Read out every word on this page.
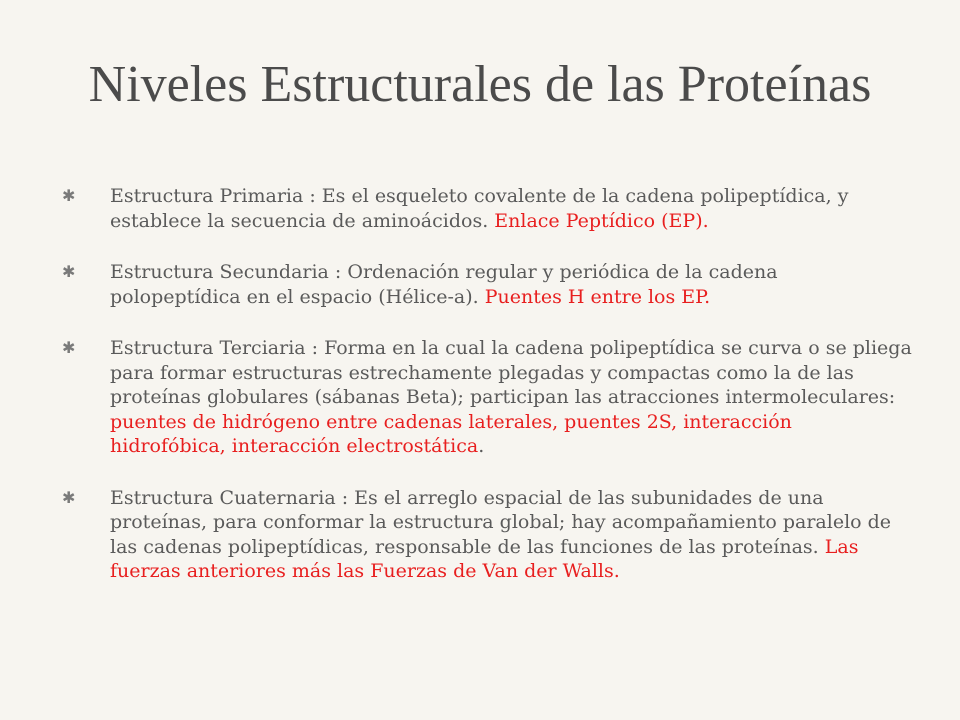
Niveles Estructurales de las Proteínas
✱ Estructura Primaria : Es el esqueleto covalente de la cadena polipeptídica, y establece la secuencia de aminoácidos. Enlace Peptídico (EP).
✱ Estructura Secundaria : Ordenación regular y periódica de la cadena polopeptídica en el espacio (Hélice-a). Puentes H entre los EP.
✱ Estructura Terciaria : Forma en la cual la cadena polipeptídica se curva o se pliega para formar estructuras estrechamente plegadas y compactas como la de las proteínas globulares (sábanas Beta); participan las atracciones intermoleculares: puentes de hidrógeno entre cadenas laterales, puentes 2S, interacción hidrofóbica, interacción electrostática.
✱ Estructura Cuaternaria : Es el arreglo espacial de las subunidades de una proteínas, para conformar la estructura global; hay acompañamiento paralelo de las cadenas polipeptídicas, responsable de las funciones de las proteínas. Las fuerzas anteriores más las Fuerzas de Van der Walls.
